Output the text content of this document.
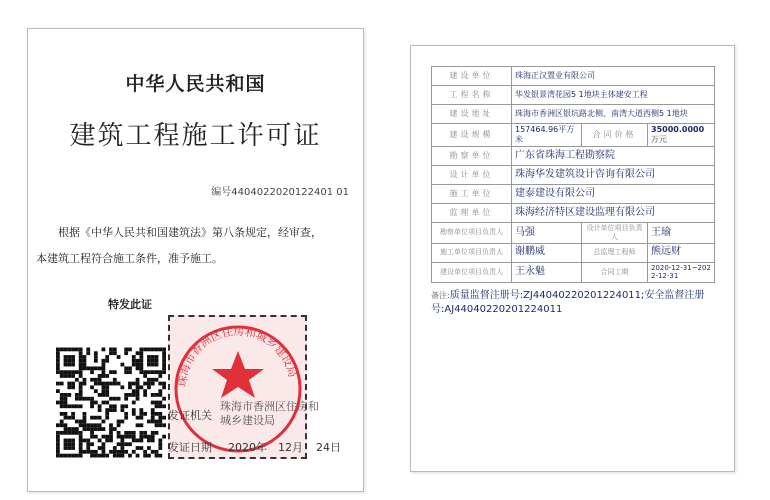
中华人民共和国
建筑工程施工许可证
编号4404022020122401 01
根据《中华人民共和国建筑法》第八条规定，经审查，
本建筑工程符合施工条件，准予施工。
特发此证
珠海市香洲区住房和城乡建设局
发证机关
珠海市香洲区住房和城乡建设局
发证日期 2020年 12月 24日
建设单位	珠海正汉置业有限公司		
工程名称	华发银景湾花园5 1地块主体建安工程		
建设地址	珠海市香洲区银坑路北侧、南湾大道西侧5 1地块		
建设规模	157464.96平方米	合同价格	35000.0000万元
勘察单位	广东省珠海工程勘察院		
设计单位	珠海华发建筑设计咨询有限公司		
施工单位	建泰建设有限公司		
监理单位	珠海经济特区建设监理有限公司		
勘察单位项目负责人	马强	设计单位项目负责人	王瑜
施工单位项目负责人	谢鹏威	总监理工程师	熊远财
建设单位项目负责人	王永魁	合同工期	2020-12-31~2022-12-31
备注:质量监督注册号:ZJ44040220201224011;安全监督注册号:AJ44040220201224011
